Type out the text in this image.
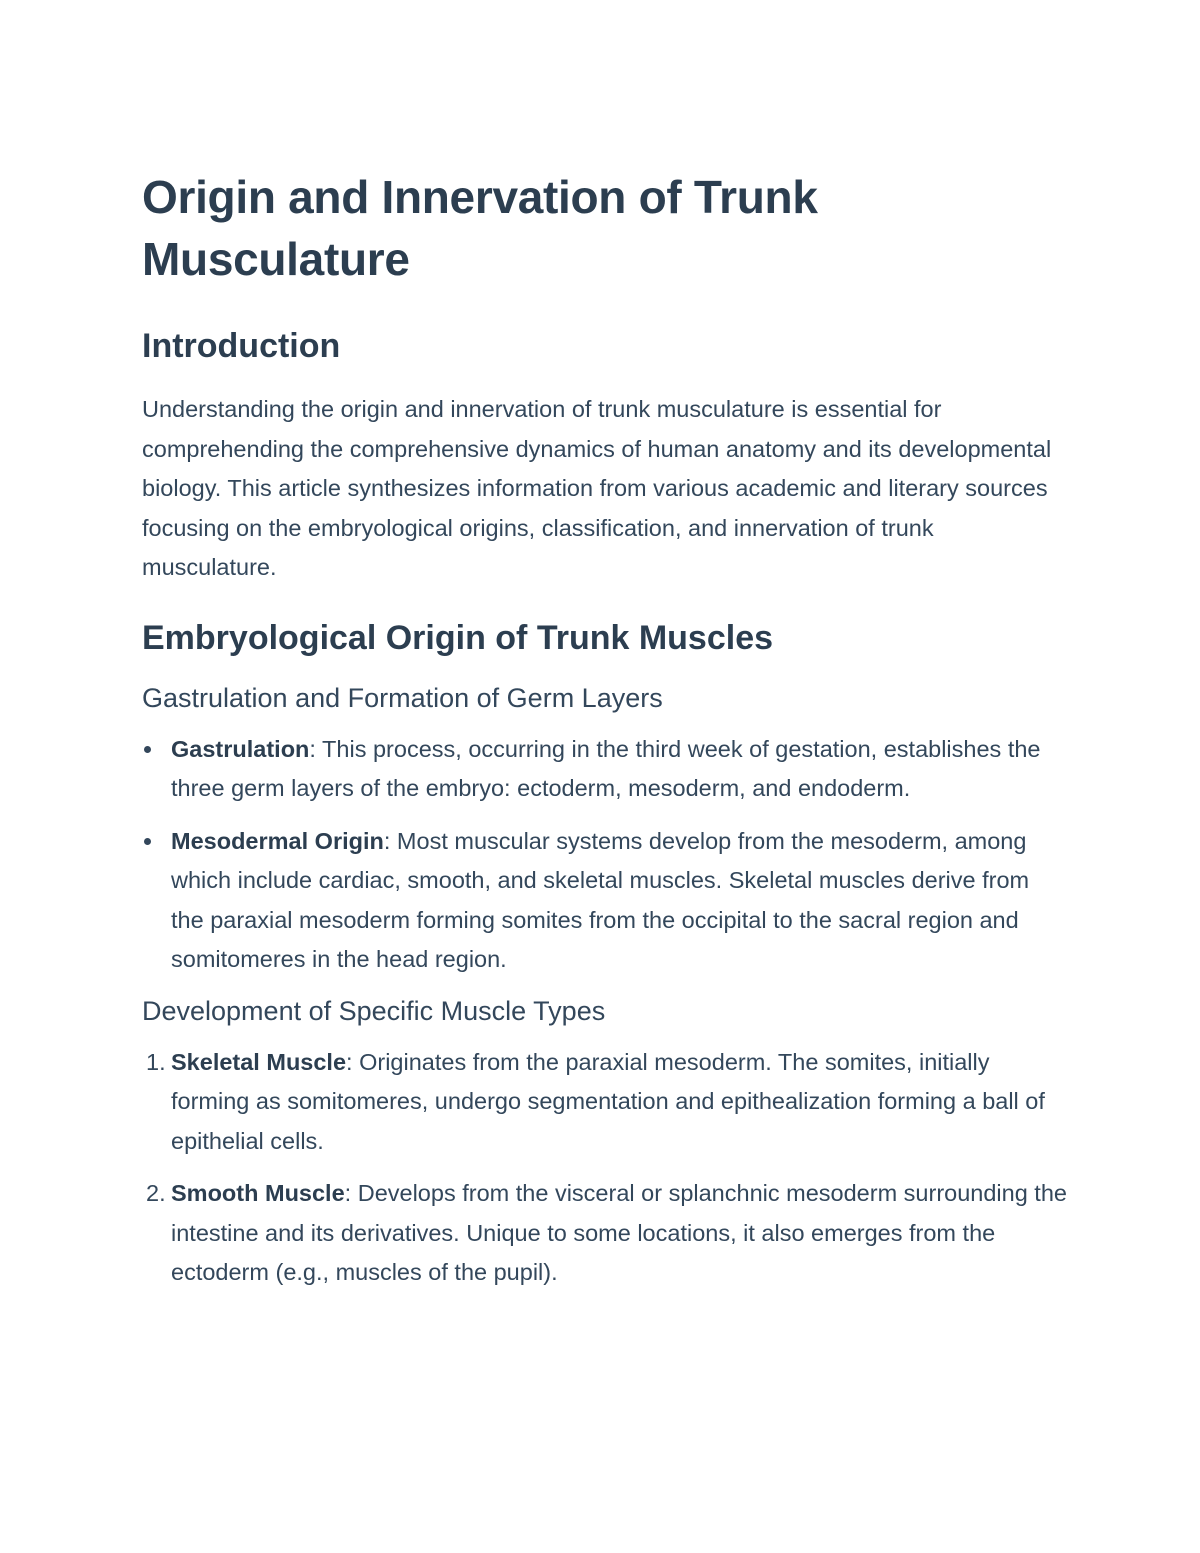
Origin and Innervation of Trunk Musculature
Introduction

Understanding the origin and innervation of trunk musculature is essential for comprehending the comprehensive dynamics of human anatomy and its developmental biology. This article synthesizes information from various academic and literary sources focusing on the embryological origins, classification, and innervation of trunk musculature.

Embryological Origin of Trunk Muscles
Gastrulation and Formation of Germ Layers
Gastrulation: This process, occurring in the third week of gestation, establishes the three germ layers of the embryo: ectoderm, mesoderm, and endoderm.
Mesodermal Origin: Most muscular systems develop from the mesoderm, among which include cardiac, smooth, and skeletal muscles. Skeletal muscles derive from the paraxial mesoderm forming somites from the occipital to the sacral region and somitomeres in the head region.
Development of Specific Muscle Types
1. Skeletal Muscle: Originates from the paraxial mesoderm. The somites, initially forming as somitomeres, undergo segmentation and epithealization forming a ball of epithelial cells.
2. Smooth Muscle: Develops from the visceral or splanchnic mesoderm surrounding the intestine and its derivatives. Unique to some locations, it also emerges from the ectoderm (e.g., muscles of the pupil).
